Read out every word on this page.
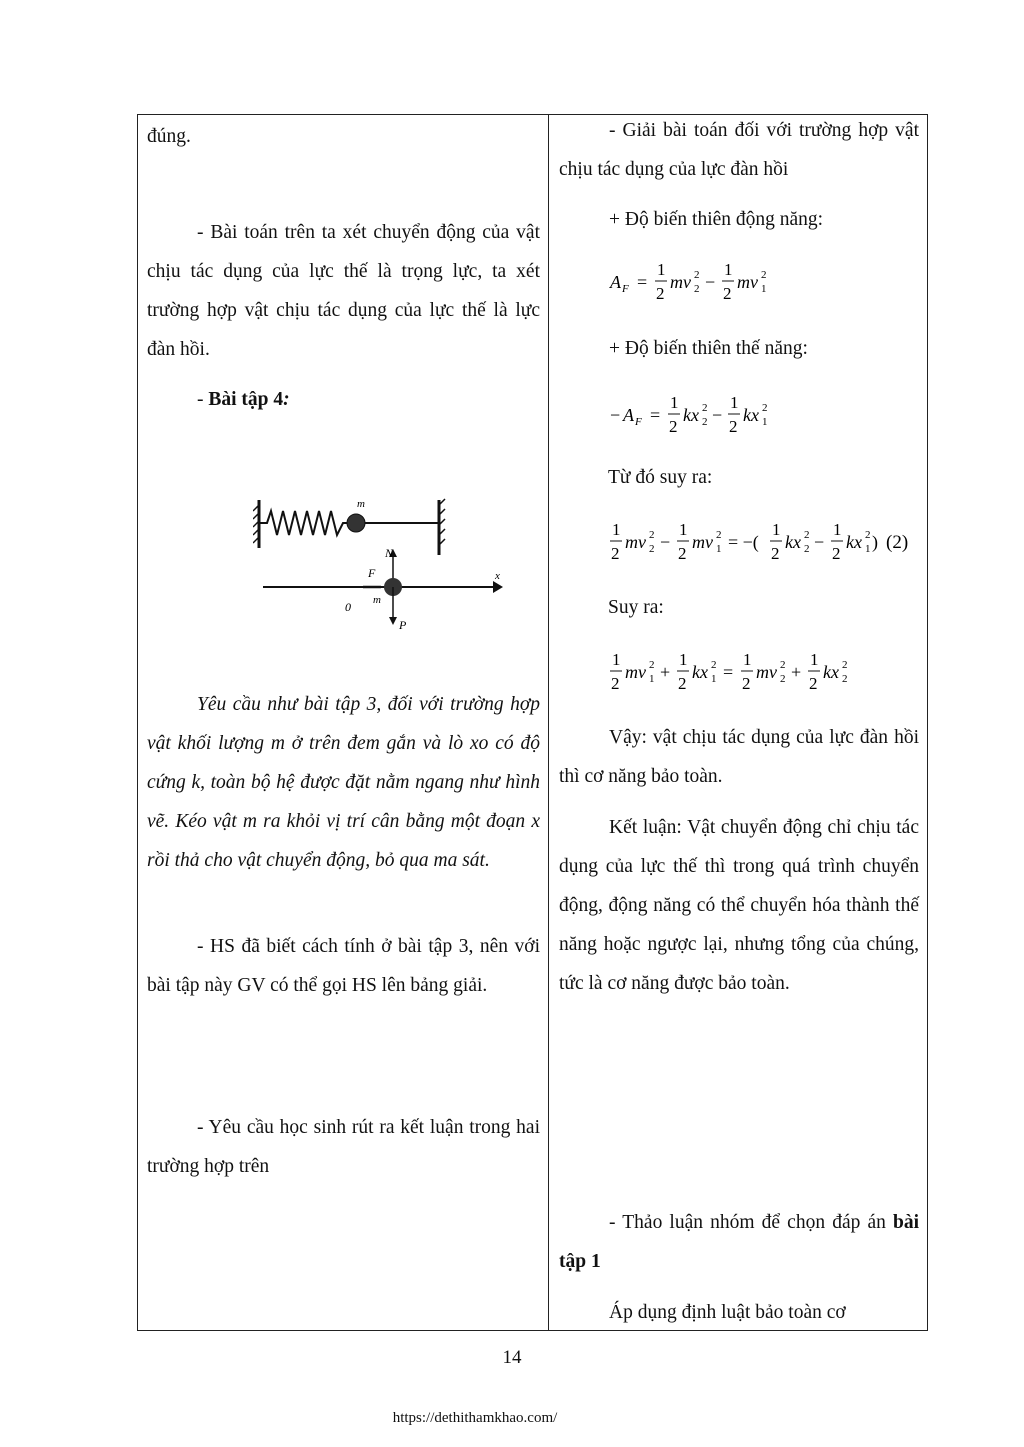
đúng.

- Bài toán trên ta xét chuyển động của vật chịu tác dụng của lực thế là trọng lực, ta xét trường hợp vật chịu tác dụng của lực thế là lực đàn hồi.

- Bài tập 4:

m
x
N
F
m
P
0

Yêu cầu như bài tập 3, đối với trường hợp vật khối lượng m ở trên đem gắn và lò xo có độ cứng k, toàn bộ hệ được đặt nằm ngang như hình vẽ. Kéo vật m ra khỏi vị trí cân bằng một đoạn x rồi thả cho vật chuyển động, bỏ qua ma sát.

- HS đã biết cách tính ở bài tập 3, nên với bài tập này GV có thể gọi HS lên bảng giải.

- Yêu cầu học sinh rút ra kết luận trong hai trường hợp trên

- Giải bài toán đối với trường hợp vật chịu tác dụng của lực đàn hồi

+ Độ biến thiên động năng:

A F =
1
2
mv 2
2 −
1
2
mv 1
2

+ Độ biến thiên thế năng:

− A F =
1
2
kx 2
2 −
1
2
kx 1
2

Từ đó suy ra:

1
2
mv 2
2 −
1
2
mv 1
2 = −(
1
2
kx 2
2 −
1
2
kx 1
2 ) (2)

Suy ra:

1
2
mv 1
2 +
1
2
kx 1
2 =
1
2
mv 2
2 +
1
2
kx 2
2

Vậy: vật chịu tác dụng của lực đàn hồi thì cơ năng bảo toàn.

Kết luận: Vật chuyển động chỉ chịu tác dụng của lực thế thì trong quá trình chuyển động, động năng có thể chuyển hóa thành thế năng hoặc ngược lại, nhưng tổng của chúng, tức là cơ năng được bảo toàn.

- Thảo luận nhóm để chọn đáp án bài tập 1

Áp dụng định luật bảo toàn cơ

14
https://dethithamkhao.com/
